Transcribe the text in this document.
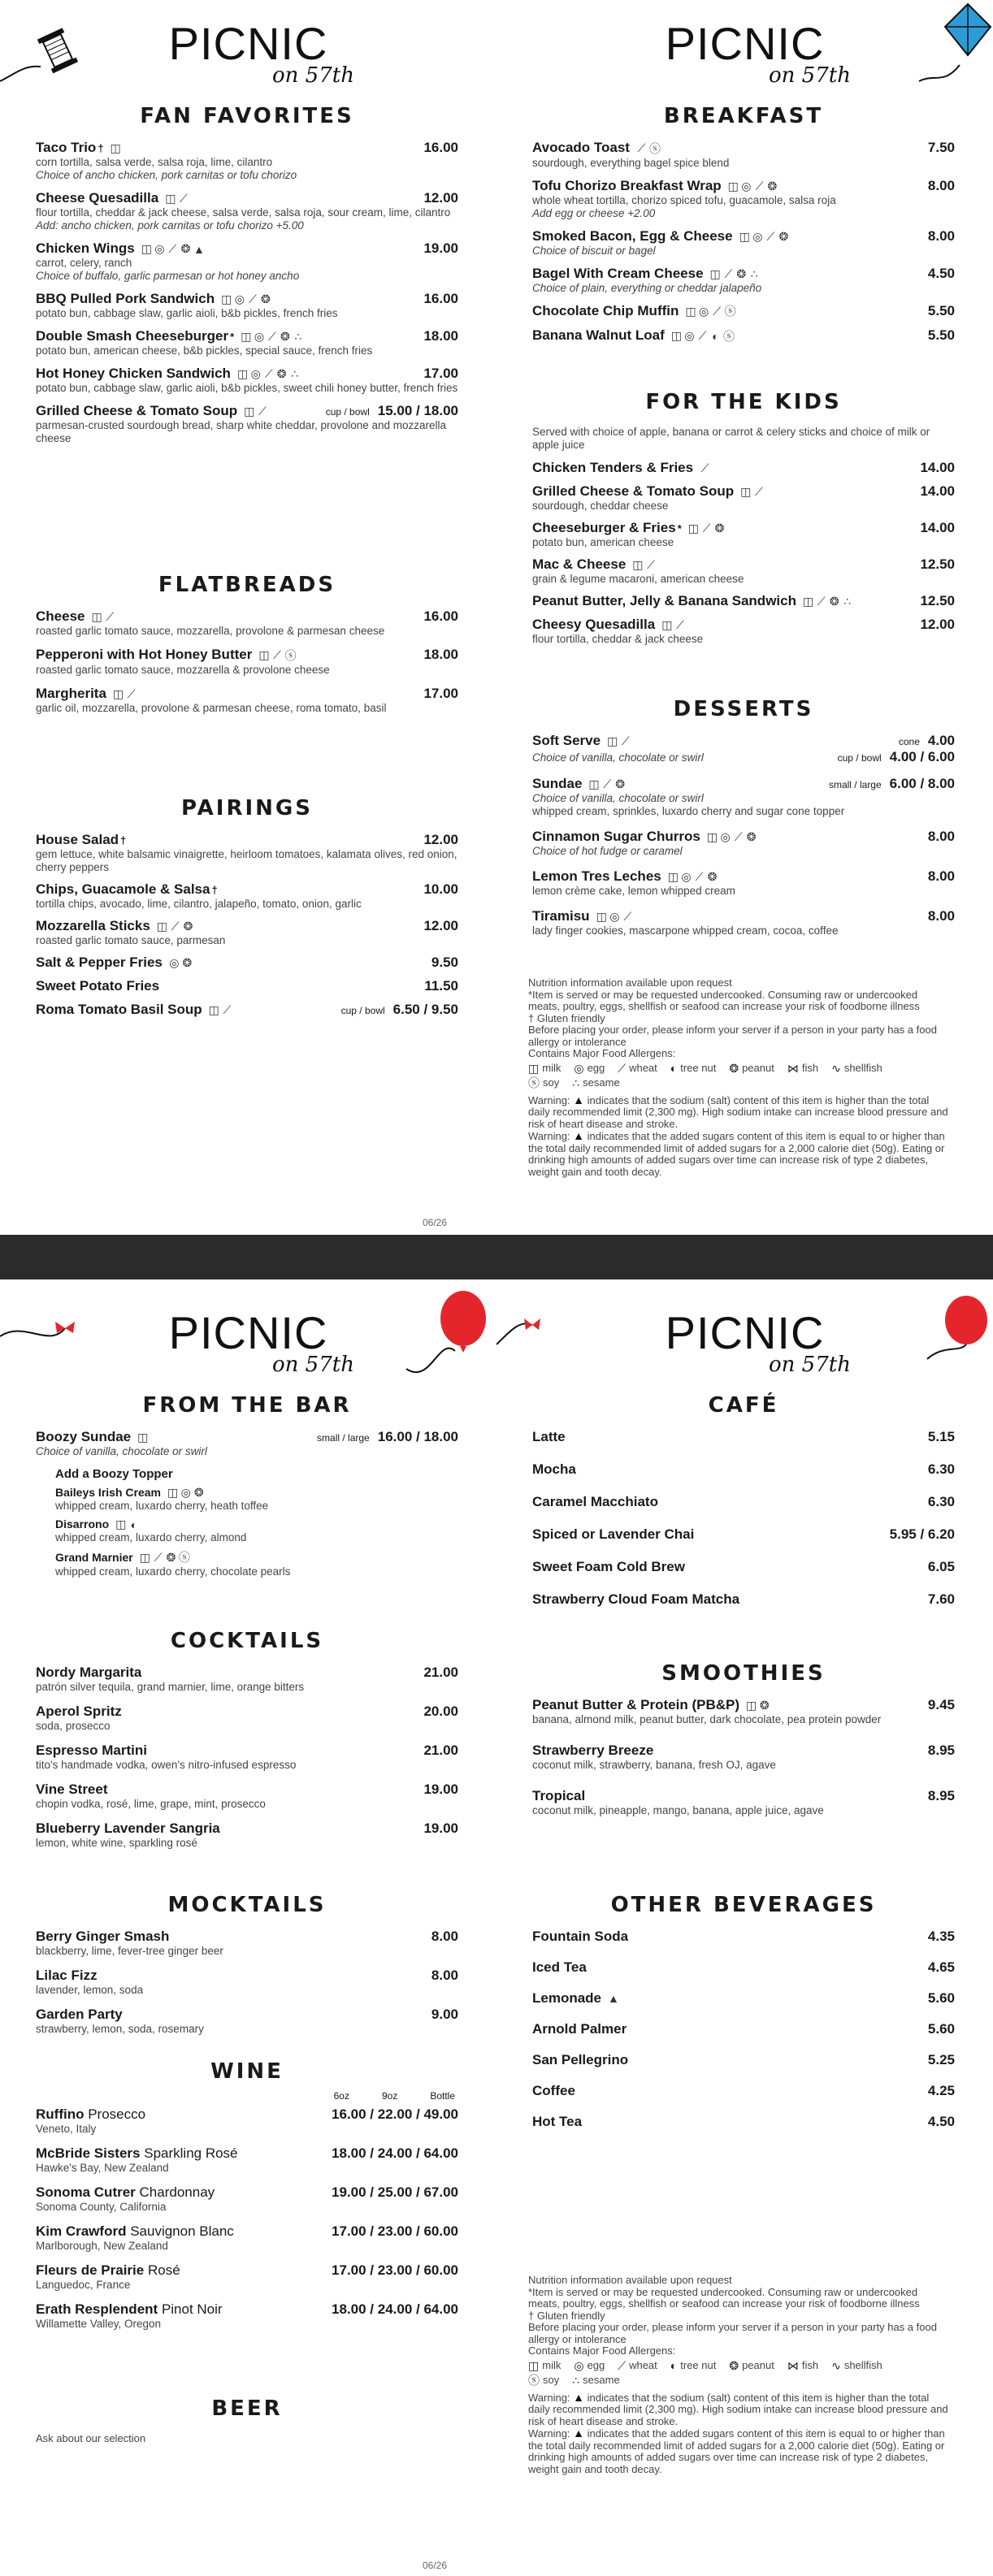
PICNIC
on 57th
FAN FAVORITES
Taco Trio † ◫	16.00
corn tortilla, salsa verde, salsa roja, lime, cilantro
Choice of ancho chicken, pork carnitas or tofu chorizo
Cheese Quesadilla ◫ ⟋	12.00
flour tortilla, cheddar & jack cheese, salsa verde, salsa roja, sour cream, lime, cilantro
Add: ancho chicken, pork carnitas or tofu chorizo +5.00
Chicken Wings ◫ ◎ ⟋ ❂ ▲	19.00
carrot, celery, ranch
Choice of buffalo, garlic parmesan or hot honey ancho
BBQ Pulled Pork Sandwich ◫ ◎ ⟋ ❂	16.00
potato bun, cabbage slaw, garlic aioli, b&b pickles, french fries
Double Smash Cheeseburger * ◫ ◎ ⟋ ❂ ∴	18.00
potato bun, american cheese, b&b pickles, special sauce, french fries
Hot Honey Chicken Sandwich ◫ ◎ ⟋ ❂ ∴	17.00
potato bun, cabbage slaw, garlic aioli, b&b pickles, sweet chili honey butter, french fries
Grilled Cheese & Tomato Soup ◫ ⟋	cup / bowl 15.00 / 18.00
parmesan-crusted sourdough bread, sharp white cheddar, provolone and mozzarella cheese
FLATBREADS
Cheese ◫ ⟋	16.00
roasted garlic tomato sauce, mozzarella, provolone & parmesan cheese
Pepperoni with Hot Honey Butter ◫ ⟋ ⓢ	18.00
roasted garlic tomato sauce, mozzarella & provolone cheese
Margherita ◫ ⟋	17.00
garlic oil, mozzarella, provolone & parmesan cheese, roma tomato, basil
PAIRINGS
House Salad †	12.00
gem lettuce, white balsamic vinaigrette, heirloom tomatoes, kalamata olives, red onion, cherry peppers
Chips, Guacamole & Salsa †	10.00
tortilla chips, avocado, lime, cilantro, jalapeño, tomato, onion, garlic
Mozzarella Sticks ◫ ⟋ ❂	12.00
roasted garlic tomato sauce, parmesan
Salt & Pepper Fries ◎ ❂	9.50
Sweet Potato Fries	11.50
Roma Tomato Basil Soup ◫ ⟋	cup / bowl 6.50 / 9.50
PICNIC
on 57th
BREAKFAST
Avocado Toast ⟋ ⓢ	7.50
sourdough, everything bagel spice blend
Tofu Chorizo Breakfast Wrap ◫ ◎ ⟋ ❂	8.00
whole wheat tortilla, chorizo spiced tofu, guacamole, salsa roja
Add egg or cheese +2.00
Smoked Bacon, Egg & Cheese ◫ ◎ ⟋ ❂	8.00
Choice of biscuit or bagel
Bagel With Cream Cheese ◫ ⟋ ❂ ∴	4.50
Choice of plain, everything or cheddar jalapeño
Chocolate Chip Muffin ◫ ◎ ⟋ ⓢ	5.50
Banana Walnut Loaf ◫ ◎ ⟋ ◐ ⓢ	5.50
FOR THE KIDS
Served with choice of apple, banana or carrot & celery sticks and choice of milk or apple juice
Chicken Tenders & Fries ⟋	14.00
Grilled Cheese & Tomato Soup ◫ ⟋	14.00
sourdough, cheddar cheese
Cheeseburger & Fries * ◫ ⟋ ❂	14.00
potato bun, american cheese
Mac & Cheese ◫ ⟋	12.50
grain & legume macaroni, american cheese
Peanut Butter, Jelly & Banana Sandwich ◫ ⟋ ❂ ∴	12.50
Cheesy Quesadilla ◫ ⟋	12.00
flour tortilla, cheddar & jack cheese
DESSERTS
Soft Serve ◫ ⟋	cone 4.00
Choice of vanilla, chocolate or swirl	cup / bowl 4.00 / 6.00
Sundae ◫ ⟋ ❂	small / large 6.00 / 8.00
Choice of vanilla, chocolate or swirl
whipped cream, sprinkles, luxardo cherry and sugar cone topper
Cinnamon Sugar Churros ◫ ◎ ⟋ ❂	8.00
Choice of hot fudge or caramel
Lemon Tres Leches ◫ ◎ ⟋ ❂	8.00
lemon crème cake, lemon whipped cream
Tiramisu ◫ ◎ ⟋	8.00
lady finger cookies, mascarpone whipped cream, cocoa, coffee

Nutrition information available upon request

*Item is served or may be requested undercooked. Consuming raw or undercooked meats, poultry, eggs, shellfish or seafood can increase your risk of foodborne illness

† Gluten friendly

Before placing your order, please inform your server if a person in your party has a food allergy or intolerance

Contains Major Food Allergens:

◫ milk ◎ egg ⟋ wheat ◐ tree nut ❂ peanut ⋈ fish ∿ shellfish
ⓢ soy ∴ sesame

Warning: ▲ indicates that the sodium (salt) content of this item is higher than the total daily recommended limit (2,300 mg). High sodium intake can increase blood pressure and risk of heart disease and stroke.

Warning: ▲ indicates that the added sugars content of this item is equal to or higher than the total daily recommended limit of added sugars for a 2,000 calorie diet (50g). Eating or drinking high amounts of added sugars over time can increase risk of type 2 diabetes, weight gain and tooth decay.

06/26
PICNIC
on 57th
FROM THE BAR
Boozy Sundae ◫	small / large 16.00 / 18.00
Choice of vanilla, chocolate or swirl
Add a Boozy Topper
Baileys Irish Cream ◫ ◎ ❂
whipped cream, luxardo cherry, heath toffee
Disarrono ◫ ◐
whipped cream, luxardo cherry, almond
Grand Marnier ◫ ⟋ ❂ ⓢ
whipped cream, luxardo cherry, chocolate pearls
COCKTAILS
Nordy Margarita	21.00
patrón silver tequila, grand marnier, lime, orange bitters
Aperol Spritz	20.00
soda, prosecco
Espresso Martini	21.00
tito's handmade vodka, owen's nitro-infused espresso
Vine Street	19.00
chopin vodka, rosé, lime, grape, mint, prosecco
Blueberry Lavender Sangria	19.00
lemon, white wine, sparkling rosé
MOCKTAILS
Berry Ginger Smash	8.00
blackberry, lime, fever-tree ginger beer
Lilac Fizz	8.00
lavender, lemon, soda
Garden Party	9.00
strawberry, lemon, soda, rosemary
WINE
6oz	9oz	Bottle
Ruffino Prosecco	16.00 / 22.00 / 49.00
Veneto, Italy
McBride Sisters Sparkling Rosé	18.00 / 24.00 / 64.00
Hawke's Bay, New Zealand
Sonoma Cutrer Chardonnay	19.00 / 25.00 / 67.00
Sonoma County, California
Kim Crawford Sauvignon Blanc	17.00 / 23.00 / 60.00
Marlborough, New Zealand
Fleurs de Prairie Rosé	17.00 / 23.00 / 60.00
Languedoc, France
Erath Resplendent Pinot Noir	18.00 / 24.00 / 64.00
Willamette Valley, Oregon
BEER
Ask about our selection
PICNIC
on 57th
CAFÉ
Latte	5.15
Mocha	6.30
Caramel Macchiato	6.30
Spiced or Lavender Chai	5.95 / 6.20
Sweet Foam Cold Brew	6.05
Strawberry Cloud Foam Matcha	7.60
SMOOTHIES
Peanut Butter & Protein (PB&P) ◫ ❂	9.45
banana, almond milk, peanut butter, dark chocolate, pea protein powder
Strawberry Breeze	8.95
coconut milk, strawberry, banana, fresh OJ, agave
Tropical	8.95
coconut milk, pineapple, mango, banana, apple juice, agave
OTHER BEVERAGES
Fountain Soda	4.35
Iced Tea	4.65
Lemonade ▲	5.60
Arnold Palmer	5.60
San Pellegrino	5.25
Coffee	4.25
Hot Tea	4.50

Nutrition information available upon request

*Item is served or may be requested undercooked. Consuming raw or undercooked meats, poultry, eggs, shellfish or seafood can increase your risk of foodborne illness

† Gluten friendly

Before placing your order, please inform your server if a person in your party has a food allergy or intolerance

Contains Major Food Allergens:

◫ milk ◎ egg ⟋ wheat ◐ tree nut ❂ peanut ⋈ fish ∿ shellfish
ⓢ soy ∴ sesame

Warning: ▲ indicates that the sodium (salt) content of this item is higher than the total daily recommended limit (2,300 mg). High sodium intake can increase blood pressure and risk of heart disease and stroke.

Warning: ▲ indicates that the added sugars content of this item is equal to or higher than the total daily recommended limit of added sugars for a 2,000 calorie diet (50g). Eating or drinking high amounts of added sugars over time can increase risk of type 2 diabetes, weight gain and tooth decay.

06/26
